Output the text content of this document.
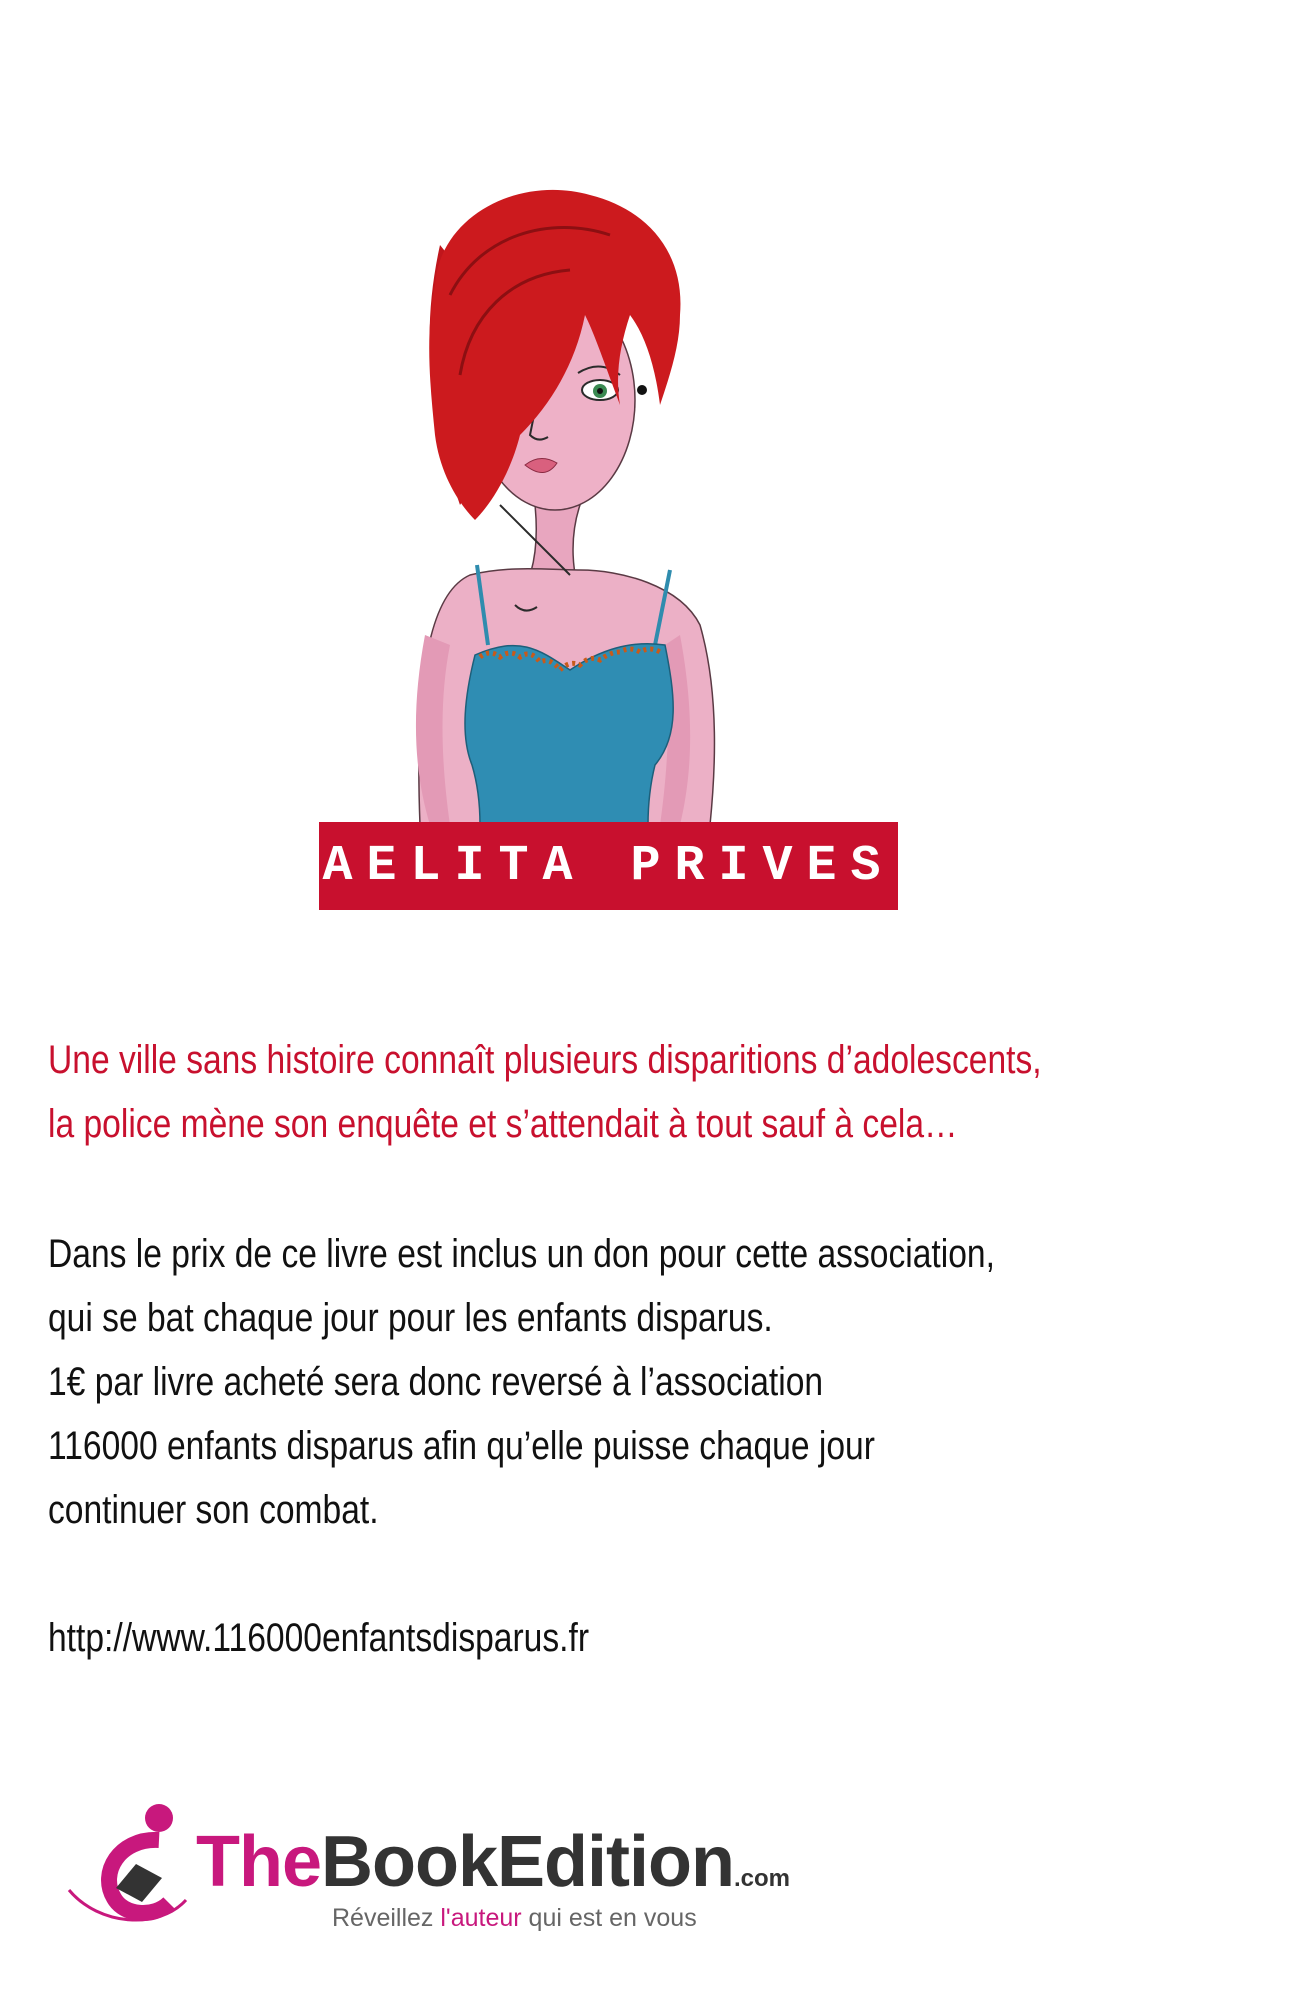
AELITA PRIVES

Une ville sans histoire connaît plusieurs disparitions d’adolescents,

la police mène son enquête et s’attendait à tout sauf à cela…

Dans le prix de ce livre est inclus un don pour cette association,

qui se bat chaque jour pour les enfants disparus.

1€ par livre acheté sera donc reversé à l’association

116000 enfants disparus afin qu’elle puisse chaque jour

continuer son combat.

http://www.116000enfantsdisparus.fr

TheBookEdition.com
Réveillez l'auteur qui est en vous
